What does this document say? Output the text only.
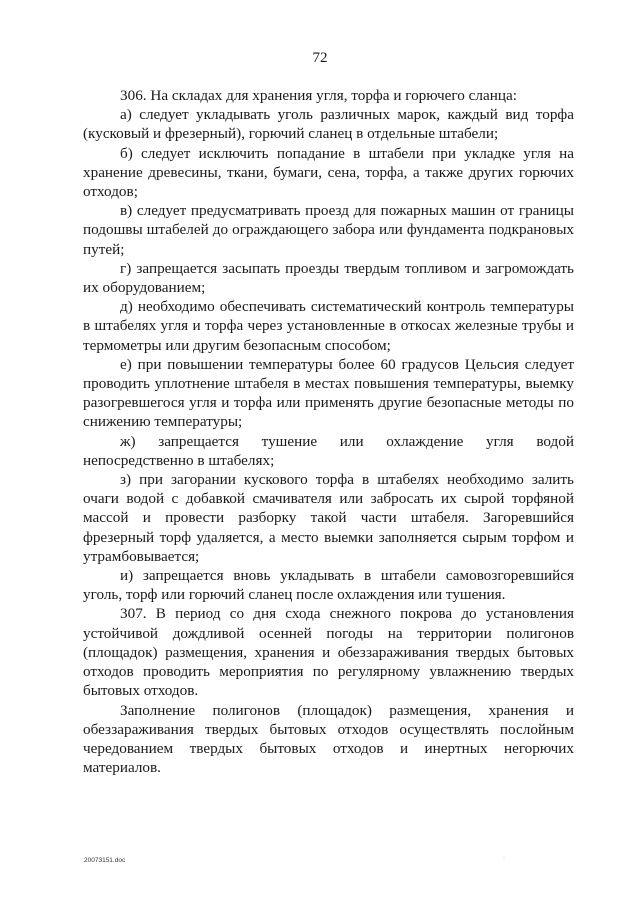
72

306. На складах для хранения угля, торфа и горючего сланца:

а) следует укладывать уголь различных марок, каждый вид торфа (кусковый и фрезерный), горючий сланец в отдельные штабели;

б) следует исключить попадание в штабели при укладке угля на хранение древесины, ткани, бумаги, сена, торфа, а также других горючих отходов;

в) следует предусматривать проезд для пожарных машин от границы подошвы штабелей до ограждающего забора или фундамента подкрановых путей;

г) запрещается засыпать проезды твердым топливом и загромождать их оборудованием;

д) необходимо обеспечивать систематический контроль температуры в штабелях угля и торфа через установленные в откосах железные трубы и термометры или другим безопасным способом;

е) при повышении температуры более 60 градусов Цельсия следует проводить уплотнение штабеля в местах повышения температуры, выемку разогревшегося угля и торфа или применять другие безопасные методы по снижению температуры;

ж) запрещается тушение или охлаждение угля водой непосредственно в штабелях;

з) при загорании кускового торфа в штабелях необходимо залить очаги водой с добавкой смачивателя или забросать их сырой торфяной массой и провести разборку такой части штабеля. Загоревшийся фрезерный торф удаляется, а место выемки заполняется сырым торфом и утрамбовывается;

и) запрещается вновь укладывать в штабели самовозгоревшийся уголь, торф или горючий сланец после охлаждения или тушения.

307. В период со дня схода снежного покрова до установления устойчивой дождливой осенней погоды на территории полигонов (площадок) размещения, хранения и обеззараживания твердых бытовых отходов проводить мероприятия по регулярному увлажнению твердых бытовых отходов.

Заполнение полигонов (площадок) размещения, хранения и обеззараживания твердых бытовых отходов осуществлять послойным чередованием твердых бытовых отходов и инертных негорючих материалов.

20073151.doc	·
